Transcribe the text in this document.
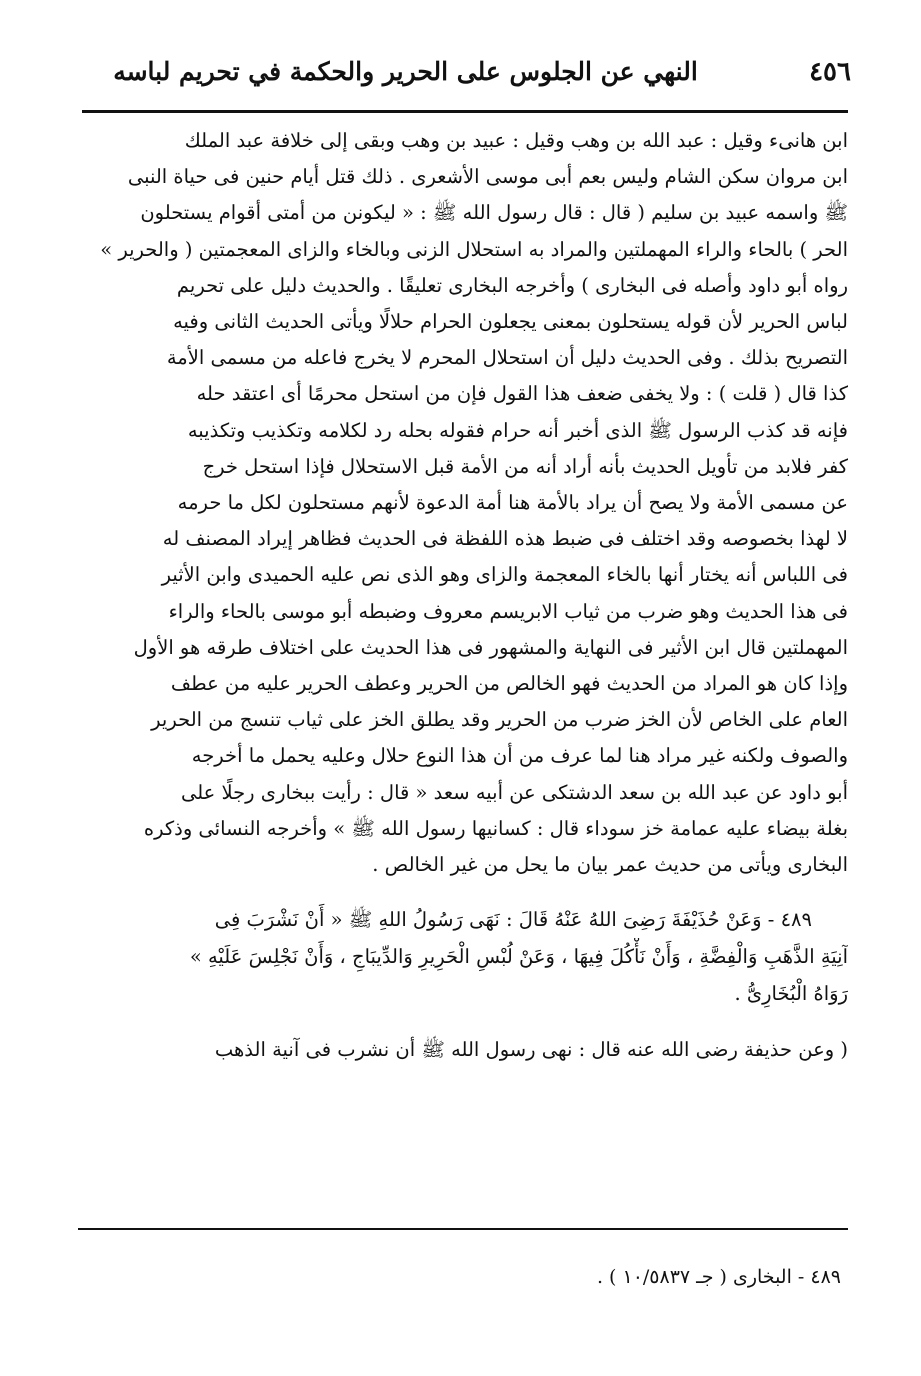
٤٥٦
النهي عن الجلوس على الحرير والحكمة في تحريم لباسه

ابن هانىء وقيل : عبد الله بن وهب وقيل : عبيد بن وهب وبقى إلى خلافة عبد الملك
ابن مروان سكن الشام وليس بعم أبى موسى الأشعرى . ذلك قتل أيام حنين فى حياة النبى
ﷺ واسمه عبيد بن سليم ( قال : قال رسول الله ﷺ : « ليكونن من أمتى أقوام يستحلون
الحر ) بالحاء والراء المهملتين والمراد به استحلال الزنى وبالخاء والزاى المعجمتين ( والحرير »
رواه أبو داود وأصله فى البخارى ) وأخرجه البخارى تعليقًا . والحديث دليل على تحريم
لباس الحرير لأن قوله يستحلون بمعنى يجعلون الحرام حلالًا ويأتى الحديث الثانى وفيه
التصريح بذلك . وفى الحديث دليل أن استحلال المحرم لا يخرج فاعله من مسمى الأمة
كذا قال ( قلت ) : ولا يخفى ضعف هذا القول فإن من استحل محرمًا أى اعتقد حله
فإنه قد كذب الرسول ﷺ الذى أخبر أنه حرام فقوله بحله رد لكلامه وتكذيب وتكذيبه
كفر فلابد من تأويل الحديث بأنه أراد أنه من الأمة قبل الاستحلال فإذا استحل خرج
عن مسمى الأمة ولا يصح أن يراد بالأمة هنا أمة الدعوة لأنهم مستحلون لكل ما حرمه
لا لهذا بخصوصه وقد اختلف فى ضبط هذه اللفظة فى الحديث فظاهر إيراد المصنف له
فى اللباس أنه يختار أنها بالخاء المعجمة والزاى وهو الذى نص عليه الحميدى وابن الأثير
فى هذا الحديث وهو ضرب من ثياب الابريسم معروف وضبطه أبو موسى بالحاء والراء
المهملتين قال ابن الأثير فى النهاية والمشهور فى هذا الحديث على اختلاف طرقه هو الأول
وإذا كان هو المراد من الحديث فهو الخالص من الحرير وعطف الحرير عليه من عطف
العام على الخاص لأن الخز ضرب من الحرير وقد يطلق الخز على ثياب تنسج من الحرير
والصوف ولكنه غير مراد هنا لما عرف من أن هذا النوع حلال وعليه يحمل ما أخرجه
أبو داود عن عبد الله بن سعد الدشتكى عن أبيه سعد « قال : رأيت ببخارى رجلًا على
بغلة بيضاء عليه عمامة خز سوداء قال : كسانيها رسول الله ﷺ » وأخرجه النسائى وذكره
البخارى ويأتى من حديث عمر بيان ما يحل من غير الخالص .

٤٨٩ - وَعَنْ حُذَيْفَةَ رَضِىَ اللهُ عَنْهُ قَالَ : نَهَى رَسُولُ اللهِ ﷺ « أَنْ نَشْرَبَ فِى
آنِيَةِ الذَّهَبِ وَالْفِضَّةِ ، وَأَنْ نَأْكُلَ فِيهَا ، وَعَنْ لُبْسِ الْحَرِيرِ وَالدِّيبَاجِ ، وَأَنْ نَجْلِسَ عَلَيْهِ »
رَوَاهُ الْبُخَارِىُّ .

( وعن حذيفة رضى الله عنه قال : نهى رسول الله ﷺ أن نشرب فى آنية الذهب

٤٨٩ - البخارى ( جـ ١٠/٥٨٣٧ ) .
